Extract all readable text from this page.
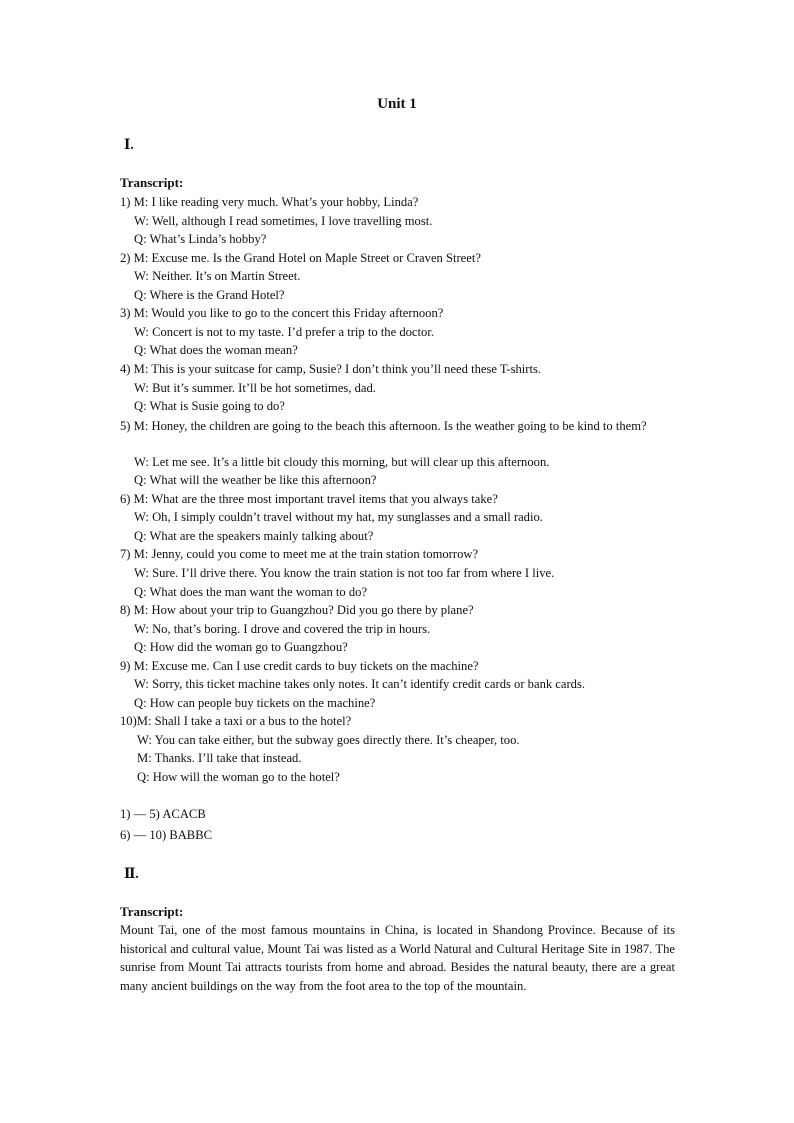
Unit 1
Ⅰ.
Transcript:
1) M: I like reading very much. What’s your hobby, Linda?
W: Well, although I read sometimes, I love travelling most.
Q: What’s Linda’s hobby?
2) M: Excuse me. Is the Grand Hotel on Maple Street or Craven Street?
W: Neither. It’s on Martin Street.
Q: Where is the Grand Hotel?
3) M: Would you like to go to the concert this Friday afternoon?
W: Concert is not to my taste. I’d prefer a trip to the doctor.
Q: What does the woman mean?
4) M: This is your suitcase for camp, Susie? I don’t think you’ll need these T-shirts.
W: But it’s summer. It’ll be hot sometimes, dad.
Q: What is Susie going to do?
5) M: Honey, the children are going to the beach this afternoon. Is the weather going to be kind to them?
W: Let me see. It’s a little bit cloudy this morning, but will clear up this afternoon.
Q: What will the weather be like this afternoon?
6) M: What are the three most important travel items that you always take?
W: Oh, I simply couldn’t travel without my hat, my sunglasses and a small radio.
Q: What are the speakers mainly talking about?
7) M: Jenny, could you come to meet me at the train station tomorrow?
W: Sure. I’ll drive there. You know the train station is not too far from where I live.
Q: What does the man want the woman to do?
8) M: How about your trip to Guangzhou? Did you go there by plane?
W: No, that’s boring. I drove and covered the trip in hours.
Q: How did the woman go to Guangzhou?
9) M: Excuse me. Can I use credit cards to buy tickets on the machine?
W: Sorry, this ticket machine takes only notes. It can’t identify credit cards or bank cards.
Q: How can people buy tickets on the machine?
10)M: Shall I take a taxi or a bus to the hotel?
W: You can take either, but the subway goes directly there. It’s cheaper, too.
M: Thanks. I’ll take that instead.
Q: How will the woman go to the hotel?
1) — 5) ACACB
6) — 10) BABBC
Ⅱ.
Transcript:
Mount Tai, one of the most famous mountains in China, is located in Shandong Province. Because of its historical and cultural value, Mount Tai was listed as a World Natural and Cultural Heritage Site in 1987. The sunrise from Mount Tai attracts tourists from home and abroad. Besides the natural beauty, there are a great many ancient buildings on the way from the foot area to the top of the mountain.
